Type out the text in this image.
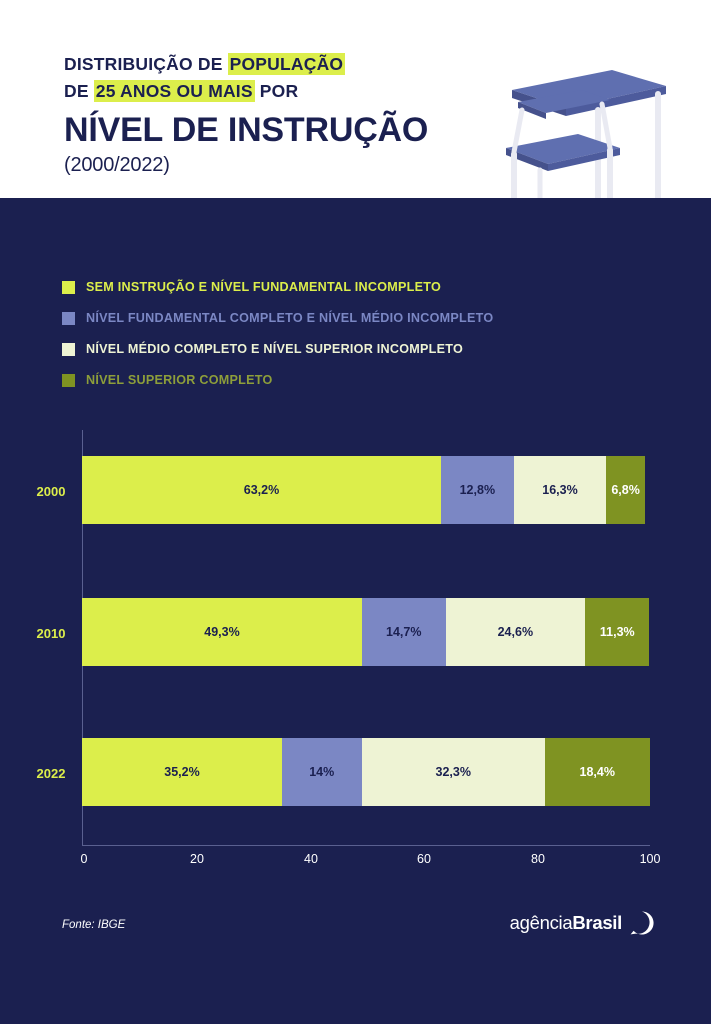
DISTRIBUIÇÃO DE POPULAÇÃO
DE 25 ANOS OU MAIS POR
NÍVEL DE INSTRUÇÃO
(2000/2022)
SEM INSTRUÇÃO E NÍVEL FUNDAMENTAL INCOMPLETO
NÍVEL FUNDAMENTAL COMPLETO E NÍVEL MÉDIO INCOMPLETO
NÍVEL MÉDIO COMPLETO E NÍVEL SUPERIOR INCOMPLETO
NÍVEL SUPERIOR COMPLETO
2000	63,2%	12,8%	16,3%	6,8%
2010	49,3%	14,7%	24,6%	11,3%
2022	35,2%	14%	32,3%	18,4%
0	20	40	60	80	100
Fonte: IBGE	agênciaBrasil
